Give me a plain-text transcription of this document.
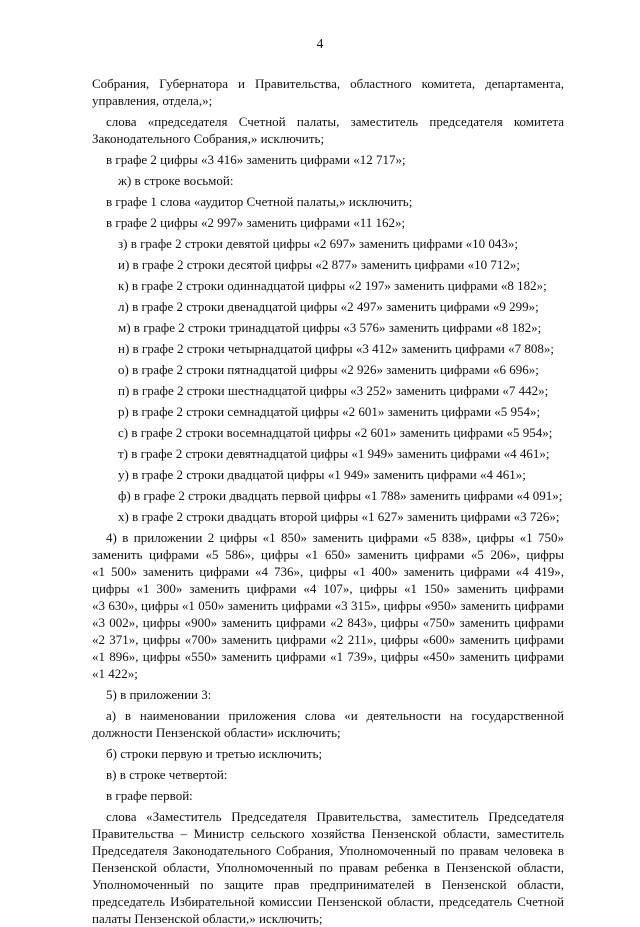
4
Собрания, Губернатора и Правительства, областного комитета, департамента,
управления, отдела,»;
слова «председателя Счетной палаты, заместитель председателя комитета
Законодательного Собрания,» исключить;
в графе 2 цифры «3 416» заменить цифрами «12 717»;
ж) в строке восьмой:
в графе 1 слова «аудитор Счетной палаты,» исключить;
в графе 2 цифры «2 997» заменить цифрами «11 162»;
з) в графе 2 строки девятой цифры «2 697» заменить цифрами «10 043»;
и) в графе 2 строки десятой цифры «2 877» заменить цифрами «10 712»;
к) в графе 2 строки одиннадцатой цифры «2 197» заменить цифрами «8 182»;
л) в графе 2 строки двенадцатой цифры «2 497» заменить цифрами «9 299»;
м) в графе 2 строки тринадцатой цифры «3 576» заменить цифрами «8 182»;
н) в графе 2 строки четырнадцатой цифры «3 412» заменить цифрами «7 808»;
о) в графе 2 строки пятнадцатой цифры «2 926» заменить цифрами «6 696»;
п) в графе 2 строки шестнадцатой цифры «3 252» заменить цифрами «7 442»;
р) в графе 2 строки семнадцатой цифры «2 601» заменить цифрами «5 954»;
с) в графе 2 строки восемнадцатой цифры «2 601» заменить цифрами «5 954»;
т) в графе 2 строки девятнадцатой цифры «1 949» заменить цифрами «4 461»;
у) в графе 2 строки двадцатой цифры «1 949» заменить цифрами «4 461»;
ф) в графе 2 строки двадцать первой цифры «1 788» заменить цифрами «4 091»;
х) в графе 2 строки двадцать второй цифры «1 627» заменить цифрами «3 726»;
4) в приложении 2 цифры «1 850» заменить цифрами «5 838», цифры «1 750»
заменить цифрами «5 586», цифры «1 650» заменить цифрами «5 206», цифры
«1 500» заменить цифрами «4 736», цифры «1 400» заменить цифрами «4 419»,
цифры «1 300» заменить цифрами «4 107», цифры «1 150» заменить цифрами
«3 630», цифры «1 050» заменить цифрами «3 315», цифры «950» заменить цифрами
«3 002», цифры «900» заменить цифрами «2 843», цифры «750» заменить цифрами
«2 371», цифры «700» заменить цифрами «2 211», цифры «600» заменить цифрами
«1 896», цифры «550» заменить цифрами «1 739», цифры «450» заменить цифрами
«1 422»;
5) в приложении 3:
а) в наименовании приложения слова «и деятельности на государственной
должности Пензенской области» исключить;
б) строки первую и третью исключить;
в) в строке четвертой:
в графе первой:
слова «Заместитель Председателя Правительства, заместитель Председателя
Правительства – Министр сельского хозяйства Пензенской области, заместитель
Председателя Законодательного Собрания, Уполномоченный по правам человека в
Пензенской области, Уполномоченный по правам ребенка в Пензенской области,
Уполномоченный по защите прав предпринимателей в Пензенской области,
председатель Избирательной комиссии Пензенской области, председатель Счетной
палаты Пензенской области,» исключить;
